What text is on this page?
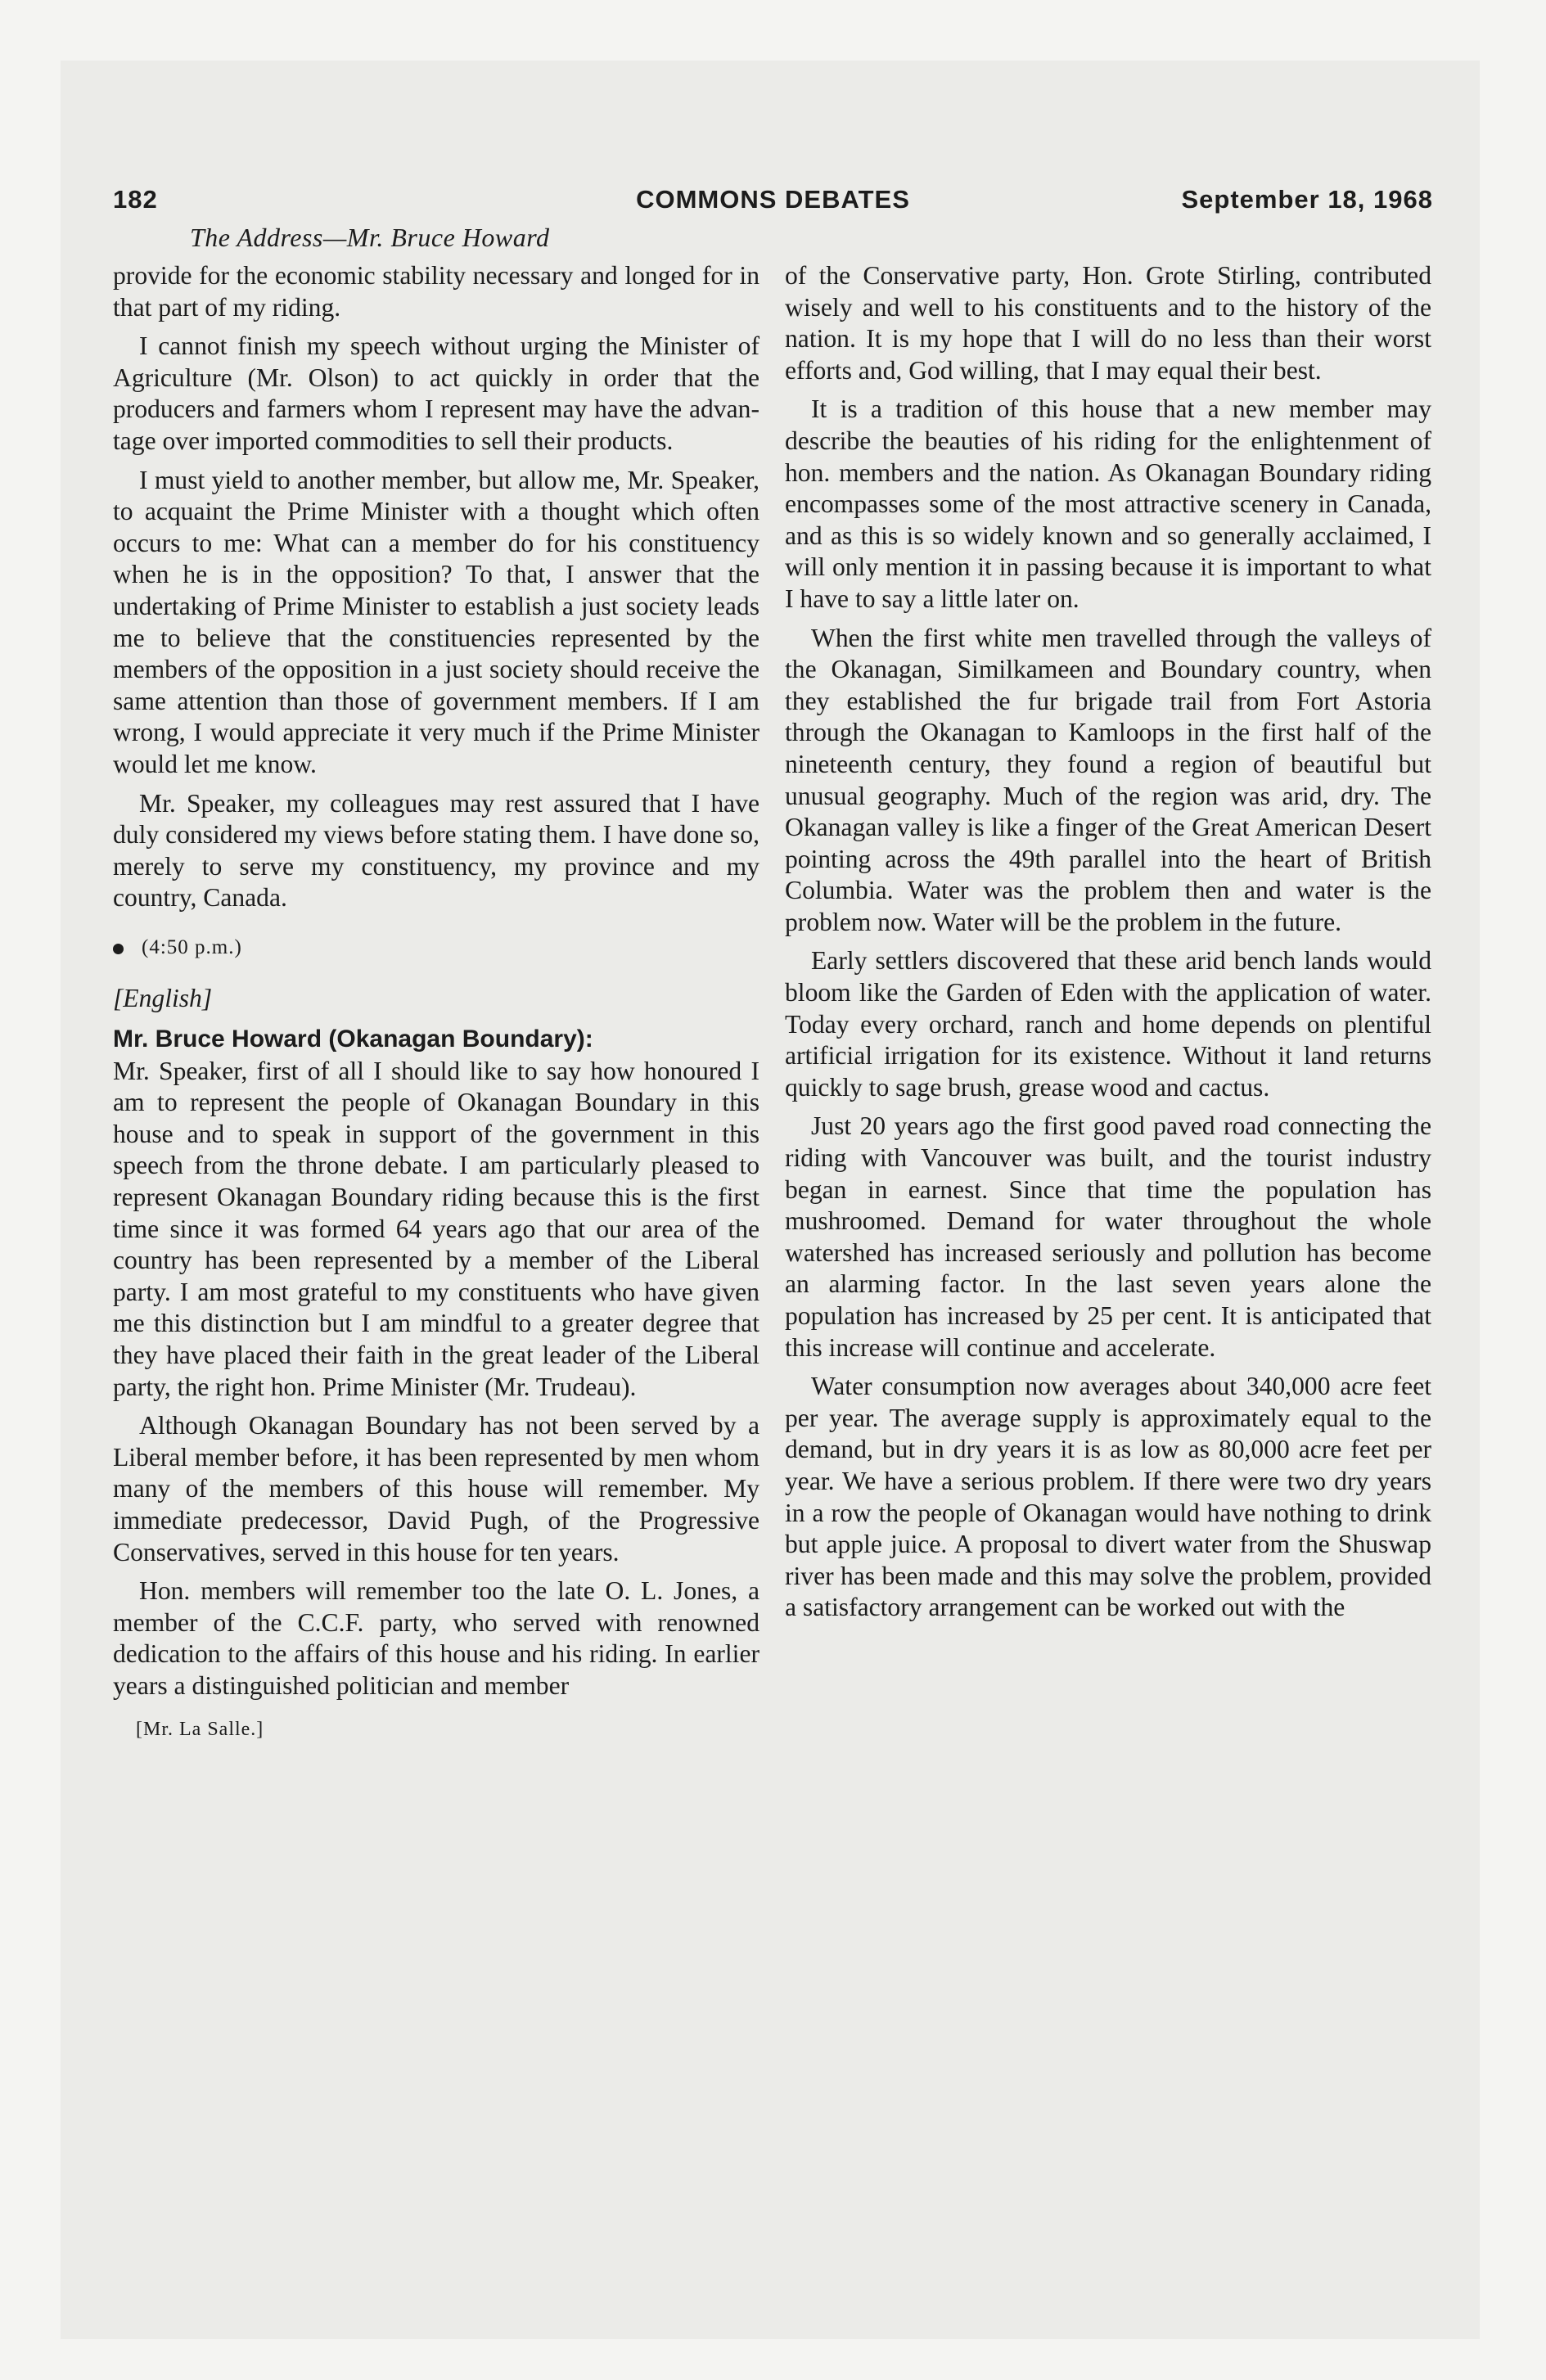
182	COMMONS DEBATES	September 18, 1968
The Address—Mr. Bruce Howard

provide for the economic stability necessary and longed for in that part of my riding.

I cannot finish my speech without urging the Minister of Agriculture (Mr. Olson) to act quickly in order that the producers and farmers whom I represent may have the advantage over imported commodities to sell their products.

I must yield to another member, but allow me, Mr. Speaker, to acquaint the Prime Minister with a thought which often occurs to me: What can a member do for his constituency when he is in the opposition? To that, I answer that the undertaking of Prime Minister to establish a just society leads me to believe that the constituencies represented by the members of the opposition in a just society should receive the same attention than those of government members. If I am wrong, I would appreciate it very much if the Prime Minister would let me know.

Mr. Speaker, my colleagues may rest assured that I have duly considered my views before stating them. I have done so, merely to serve my constituency, my province and my country, Canada.

(4:50 p.m.)
[English]
Mr. Bruce Howard (Okanagan Boundary):

Mr. Speaker, first of all I should like to say how honoured I am to represent the people of Okanagan Boundary in this house and to speak in support of the government in this speech from the throne debate. I am particularly pleased to represent Okanagan Boundary riding because this is the first time since it was formed 64 years ago that our area of the country has been represented by a member of the Liberal party. I am most grateful to my constituents who have given me this distinction but I am mindful to a greater degree that they have placed their faith in the great leader of the Liberal party, the right hon. Prime Minister (Mr. Trudeau).

Although Okanagan Boundary has not been served by a Liberal member before, it has been represented by men whom many of the members of this house will remember. My immediate predecessor, David Pugh, of the Progressive Conservatives, served in this house for ten years.

Hon. members will remember too the late O. L. Jones, a member of the C.C.F. party, who served with renowned dedication to the affairs of this house and his riding. In earlier years a distinguished politician and member

[Mr. La Salle.]

of the Conservative party, Hon. Grote Stirling, contributed wisely and well to his constituents and to the history of the nation. It is my hope that I will do no less than their worst efforts and, God willing, that I may equal their best.

It is a tradition of this house that a new member may describe the beauties of his riding for the enlightenment of hon. members and the nation. As Okanagan Boundary riding encompasses some of the most attractive scenery in Canada, and as this is so widely known and so generally acclaimed, I will only mention it in passing because it is important to what I have to say a little later on.

When the first white men travelled through the valleys of the Okanagan, Similkameen and Boundary country, when they established the fur brigade trail from Fort Astoria through the Okanagan to Kamloops in the first half of the nineteenth century, they found a region of beautiful but unusual geography. Much of the region was arid, dry. The Okanagan valley is like a finger of the Great American Desert pointing across the 49th parallel into the heart of British Columbia. Water was the problem then and water is the problem now. Water will be the problem in the future.

Early settlers discovered that these arid bench lands would bloom like the Garden of Eden with the application of water. Today every orchard, ranch and home depends on plentiful artificial irrigation for its existence. Without it land returns quickly to sage brush, grease wood and cactus.

Just 20 years ago the first good paved road connecting the riding with Vancouver was built, and the tourist industry began in earnest. Since that time the population has mushroomed. Demand for water throughout the whole watershed has increased seriously and pollution has become an alarming factor. In the last seven years alone the population has increased by 25 per cent. It is anticipated that this increase will continue and accelerate.

Water consumption now averages about 340,000 acre feet per year. The average supply is approximately equal to the demand, but in dry years it is as low as 80,000 acre feet per year. We have a serious problem. If there were two dry years in a row the people of Okanagan would have nothing to drink but apple juice. A proposal to divert water from the Shuswap river has been made and this may solve the problem, provided a satisfactory arrangement can be worked out with the
